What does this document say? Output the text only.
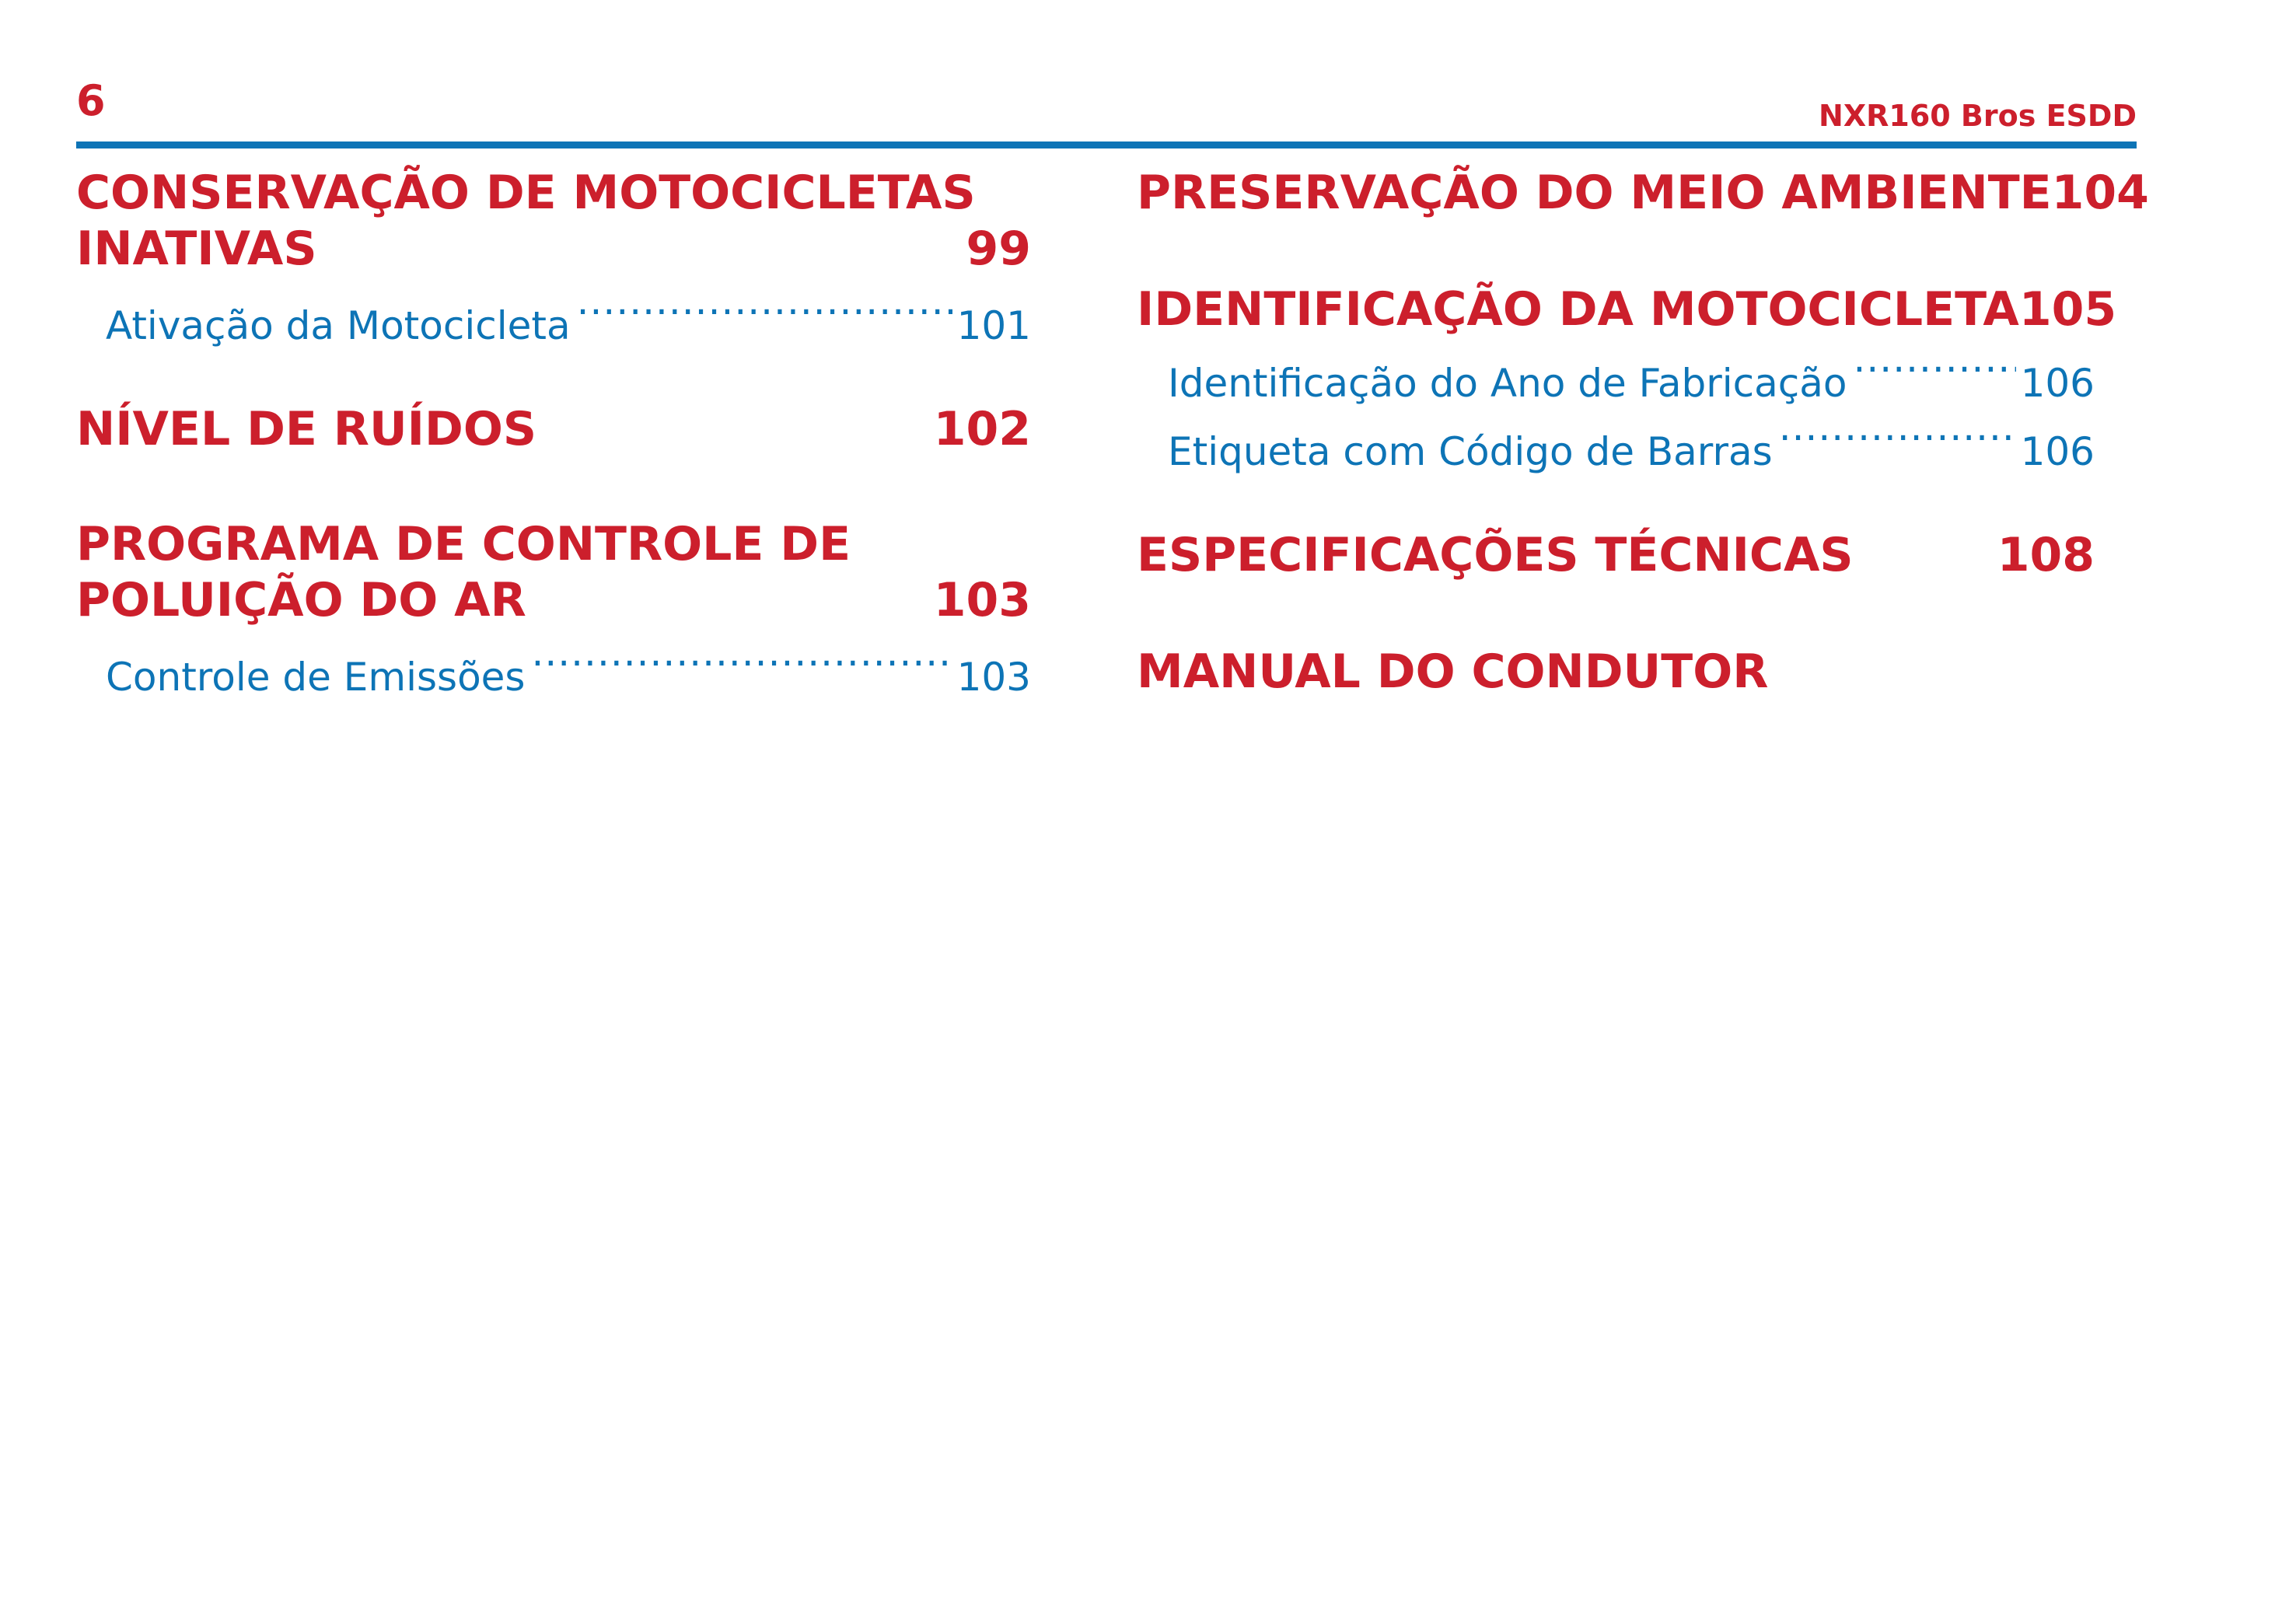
6	NXR160 Bros ESDD
CONSERVAÇÃO DE MOTOCICLETAS
INATIVAS	99
Ativação da Motocicleta .....	101
NÍVEL DE RUÍDOS	102
PROGRAMA DE CONTROLE DE
POLUIÇÃO DO AR	103
Controle de Emissões .....	103
PRESERVAÇÃO DO MEIO AMBIENTE 104
IDENTIFICAÇÃO DA MOTOCICLETA 105
Identificação do Ano de Fabricação .....	106
Etiqueta com Código de Barras .....	106
ESPECIFICAÇÕES TÉCNICAS	108
MANUAL DO CONDUTOR
